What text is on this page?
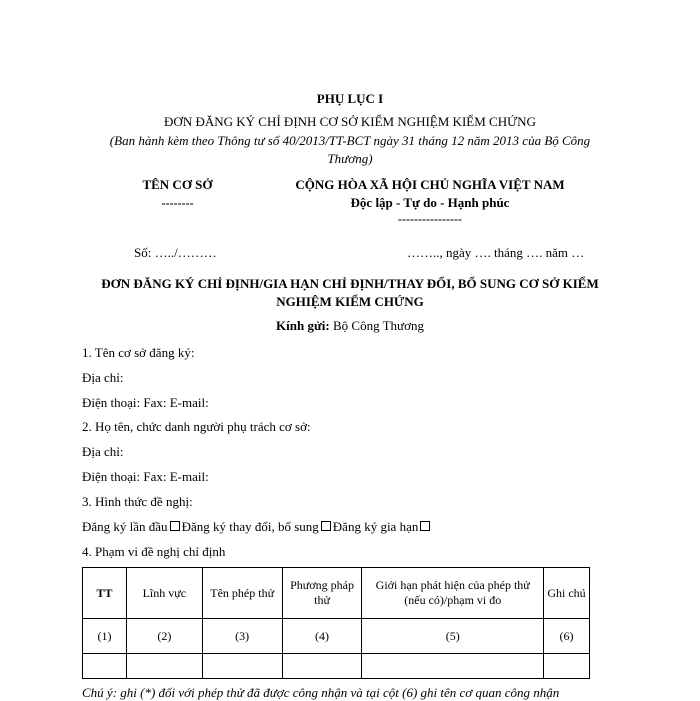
PHỤ LỤC I
ĐƠN ĐĂNG KÝ CHỈ ĐỊNH CƠ SỞ KIỂM NGHIỆM KIỂM CHỨNG
(Ban hành kèm theo Thông tư số 40/2013/TT-BCT ngày 31 tháng 12 năm 2013 của Bộ Công
Thương)
TÊN CƠ SỞ
--------
CỘNG HÒA XÃ HỘI CHỦ NGHĨA VIỆT NAM
Độc lập - Tự do - Hạnh phúc
----------------
Số: …../………	…….., ngày …. tháng …. năm …
ĐƠN ĐĂNG KÝ CHỈ ĐỊNH/GIA HẠN CHỈ ĐỊNH/THAY ĐỔI, BỔ SUNG CƠ SỞ KIỂM
NGHIỆM KIỂM CHỨNG
Kính gửi: Bộ Công Thương
1. Tên cơ sở đăng ký:
Địa chỉ:
Điện thoại: Fax: E-mail:
2. Họ tên, chức danh người phụ trách cơ sở:
Địa chỉ:
Điện thoại: Fax: E-mail:
3. Hình thức đề nghị:
Đăng ký lần đầu Đăng ký thay đổi, bổ sung Đăng ký gia hạn
4. Phạm vi đề nghị chỉ định
TT	Lĩnh vực	Tên phép thử	Phương pháp thử	Giới hạn phát hiện của phép thử (nếu có)/phạm vi đo	Ghi chú
(1)	(2)	(3)	(4)	(5)	(6)

Chú ý: ghi (*) đối với phép thử đã được công nhận và tại cột (6) ghi tên cơ quan công nhận
